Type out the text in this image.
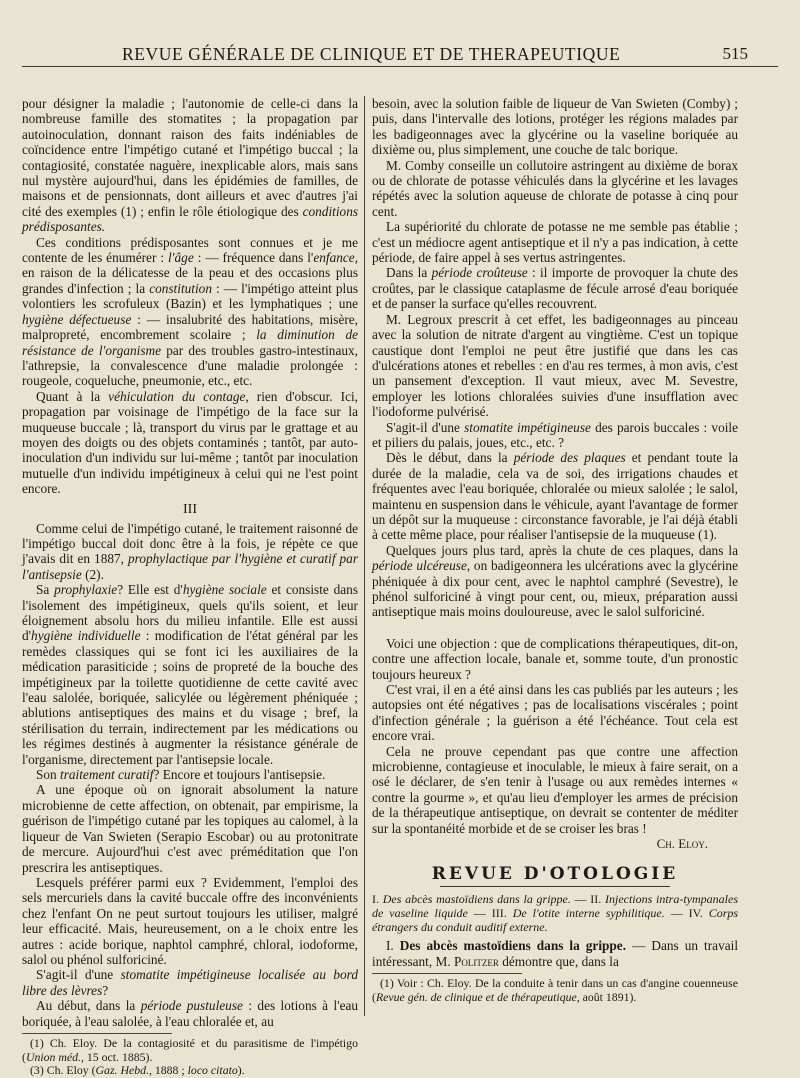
REVUE GÉNÉRALE DE CLINIQUE ET DE THERAPEUTIQUE	515

pour désigner la maladie ; l'autonomie de celle-ci dans la nombreuse famille des stomatites ; la propagation par autoinoculation, donnant raison des faits indéniables de coïncidence entre l'impétigo cutané et l'impétigo buccal ; la contagiosité, constatée naguère, inexplicable alors, mais sans nul mystère aujourd'hui, dans les épidémies de familles, de maisons et de pensionnats, dont ailleurs et avec d'autres j'ai cité des exemples (1) ; enfin le rôle étiologique des conditions prédisposantes.

Ces conditions prédisposantes sont connues et je me contente de les énumérer : l'âge : — fréquence dans l'enfance, en raison de la délicatesse de la peau et des occasions plus grandes d'infection ; la constitution : — l'impétigo atteint plus volontiers les scrofuleux (Bazin) et les lymphatiques ; une hygiène défectueuse : — insalubrité des habitations, misère, malpropreté, encombrement scolaire ; la diminution de résistance de l'organisme par des troubles gastro-intestinaux, l'athrepsie, la convalescence d'une maladie prolongée : rougeole, coqueluche, pneumonie, etc., etc.

Quant à la véhiculation du contage, rien d'obscur. Ici, propagation par voisinage de l'impétigo de la face sur la muqueuse buccale ; là, transport du virus par le grattage et au moyen des doigts ou des objets contaminés ; tantôt, par auto-inoculation d'un individu sur lui-même ; tantôt par inoculation mutuelle d'un individu impétigineux à celui qui ne l'est point encore.

III

Comme celui de l'impétigo cutané, le traitement raisonné de l'impétigo buccal doit donc être à la fois, je répète ce que j'avais dit en 1887, prophylactique par l'hygiène et curatif par l'antisepsie (2).

Sa prophylaxie? Elle est d'hygiène sociale et consiste dans l'isolement des impétigineux, quels qu'ils soient, et leur éloignement absolu hors du milieu infantile. Elle est aussi d'hygiène individuelle : modification de l'état général par les remèdes classiques qui se font ici les auxiliaires de la médication parasiticide ; soins de propreté de la bouche des impétigineux par la toilette quotidienne de cette cavité avec l'eau salolée, boriquée, salicylée ou légèrement phéniquée ; ablutions antiseptiques des mains et du visage ; bref, la stérilisation du terrain, indirectement par les médications ou les régimes destinés à augmenter la résistance générale de l'organisme, directement par l'antisepsie locale.

Son traitement curatif? Encore et toujours l'antisepsie.

A une époque où on ignorait absolument la nature microbienne de cette affection, on obtenait, par empirisme, la guérison de l'impétigo cutané par les topiques au calomel, à la liqueur de Van Swieten (Serapio Escobar) ou au protonitrate de mercure. Aujourd'hui c'est avec préméditation que l'on prescrira les antiseptiques.

Lesquels préférer parmi eux ? Evidemment, l'emploi des sels mercuriels dans la cavité buccale offre des inconvénients chez l'enfant On ne peut surtout toujours les utiliser, malgré leur efficacité. Mais, heureusement, on a le choix entre les autres : acide borique, naphtol camphré, chloral, iodoforme, salol ou phénol sulforiciné.

S'agit-il d'une stomatite impétigineuse localisée au bord libre des lèvres?

Au début, dans la période pustuleuse : des lotions à l'eau boriquée, à l'eau salolée, à l'eau chloralée et, au

(1) Ch. Eloy. De la contagiosité et du parasitisme de l'impétigo (Union méd., 15 oct. 1885).

(3) Ch. Eloy (Gaz. Hebd., 1888 ; loco citato).

besoin, avec la solution faible de liqueur de Van Swieten (Comby) ; puis, dans l'intervalle des lotions, protéger les régions malades par les badigeonnages avec la glycérine ou la vaseline boriquée au dixième ou, plus simplement, une couche de talc borique.

M. Comby conseille un collutoire astringent au dixième de borax ou de chlorate de potasse véhiculés dans la glycérine et les lavages répétés avec la solution aqueuse de chlorate de potasse à cinq pour cent.

La supériorité du chlorate de potasse ne me semble pas établie ; c'est un médiocre agent antiseptique et il n'y a pas indication, à cette période, de faire appel à ses vertus astringentes.

Dans la période croûteuse : il importe de provoquer la chute des croûtes, par le classique cataplasme de fécule arrosé d'eau boriquée et de panser la surface qu'elles recouvrent.

M. Legroux prescrit à cet effet, les badigeonnages au pinceau avec la solution de nitrate d'argent au vingtième. C'est un topique caustique dont l'emploi ne peut être justifié que dans les cas d'ulcérations atones et rebelles : en d'au res termes, à mon avis, c'est un pansement d'exception. Il vaut mieux, avec M. Sevestre, employer les lotions chloralées suivies d'une insufflation avec l'iodoforme pulvérisé.

S'agit-il d'une stomatite impétigineuse des parois buccales : voile et piliers du palais, joues, etc., etc. ?

Dès le début, dans la période des plaques et pendant toute la durée de la maladie, cela va de soi, des irrigations chaudes et fréquentes avec l'eau boriquée, chloralée ou mieux salolée ; le salol, maintenu en suspension dans le véhicule, ayant l'avantage de former un dépôt sur la muqueuse : circonstance favorable, je l'ai déjà établi à cette même place, pour réaliser l'antisepsie de la muqueuse (1).

Quelques jours plus tard, après la chute de ces plaques, dans la période ulcéreuse, on badigeonnera les ulcérations avec la glycérine phéniquée à dix pour cent, avec le naphtol camphré (Sevestre), le phénol sulforiciné à vingt pour cent, ou, mieux, préparation aussi antiseptique mais moins douloureuse, avec le salol sulforiciné.

Voici une objection : que de complications thérapeutiques, dit-on, contre une affection locale, banale et, somme toute, d'un pronostic toujours heureux ?

C'est vrai, il en a été ainsi dans les cas publiés par les auteurs ; les autopsies ont été négatives ; pas de localisations viscérales ; point d'infection générale ; la guérison a été l'échéance. Tout cela est encore vrai.

Cela ne prouve cependant pas que contre une affection microbienne, contagieuse et inoculable, le mieux à faire serait, on a osé le déclarer, de s'en tenir à l'usage ou aux remèdes internes « contre la gourme », et qu'au lieu d'employer les armes de précision de la thérapeutique antiseptique, on devrait se contenter de méditer sur la spontanéité morbide et de se croiser les bras !

Ch. Eloy.
REVUE D'OTOLOGIE

I. Des abcès mastoïdiens dans la grippe. — II. Injections intra-tympanales de vaseline liquide — III. De l'otite interne syphilitique. — IV. Corps étrangers du conduit auditif externe.

I. Des abcès mastoïdiens dans la grippe. — Dans un travail intéressant, M. Politzer démontre que, dans la

(1) Voir : Ch. Eloy. De la conduite à tenir dans un cas d'angine couenneuse (Revue gén. de clinique et de thérapeutique, août 1891).
